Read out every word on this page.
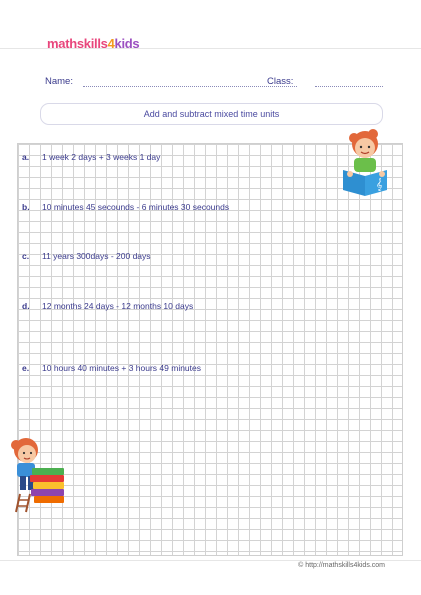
mathskills4kids
Name:	Class:
Add and subtract mixed time units
a. 1 week 2 days + 3 weeks 1 day
b. 10 minutes 45 secounds - 6 minutes 30 secounds
c. 11 years 300days - 200 days
d. 12 months 24 days - 12 months 10 days
e. 10 hours 40 minutes + 3 hours 49 minutes
𝄞
© http://mathskills4kids.com
